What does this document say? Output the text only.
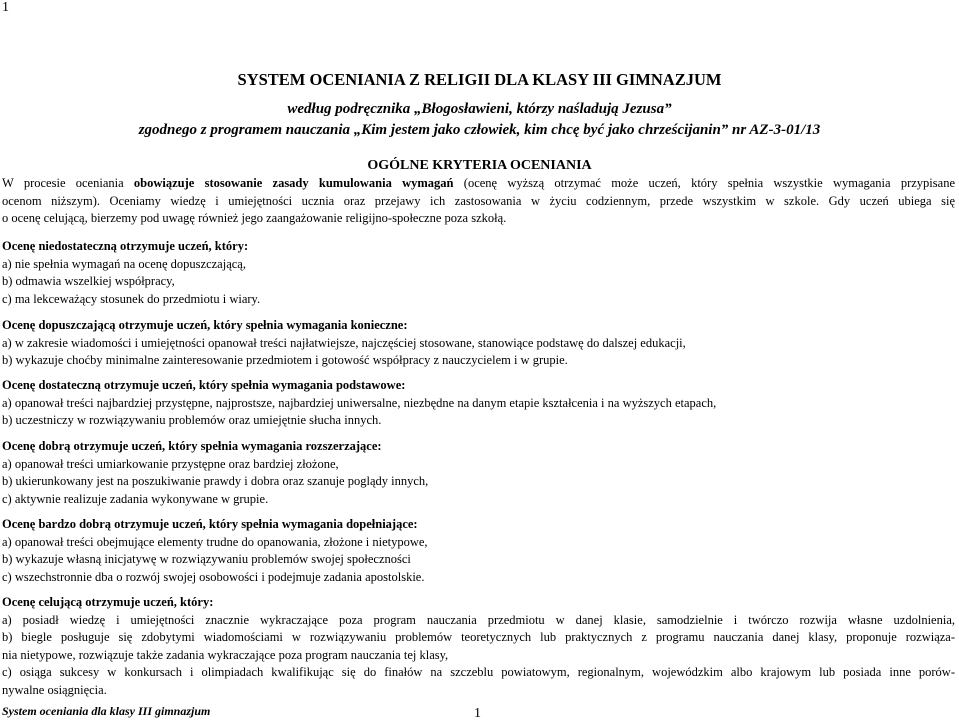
1
SYSTEM OCENIANIA Z RELIGII DLA KLASY III GIMNAZJUM
według podręcznika „Błogosławieni, którzy naśladują Jezusa”
zgodnego z programem nauczania „Kim jestem jako człowiek, kim chcę być jako chrześcijanin” nr AZ-3-01/13
OGÓLNE KRYTERIA OCENIANIA
W procesie oceniania obowiązuje stosowanie zasady kumulowania wymagań (ocenę wyższą otrzymać może uczeń, który spełnia wszystkie wymagania przypisane
ocenom niższym). Oceniamy wiedzę i umiejętności ucznia oraz przejawy ich zastosowania w życiu codziennym, przede wszystkim w szkole. Gdy uczeń ubiega się
o ocenę celującą, bierzemy pod uwagę również jego zaangażowanie religijno-społeczne poza szkołą.
Ocenę niedostateczną otrzymuje uczeń, który:
a) nie spełnia wymagań na ocenę dopuszczającą,
b) odmawia wszelkiej współpracy,
c) ma lekceważący stosunek do przedmiotu i wiary.
Ocenę dopuszczającą otrzymuje uczeń, który spełnia wymagania konieczne:
a) w zakresie wiadomości i umiejętności opanował treści najłatwiejsze, najczęściej stosowane, stanowiące podstawę do dalszej edukacji,
b) wykazuje choćby minimalne zainteresowanie przedmiotem i gotowość współpracy z nauczycielem i w grupie.
Ocenę dostateczną otrzymuje uczeń, który spełnia wymagania podstawowe:
a) opanował treści najbardziej przystępne, najprostsze, najbardziej uniwersalne, niezbędne na danym etapie kształcenia i na wyższych etapach,
b) uczestniczy w rozwiązywaniu problemów oraz umiejętnie słucha innych.
Ocenę dobrą otrzymuje uczeń, który spełnia wymagania rozszerzające:
a) opanował treści umiarkowanie przystępne oraz bardziej złożone,
b) ukierunkowany jest na poszukiwanie prawdy i dobra oraz szanuje poglądy innych,
c) aktywnie realizuje zadania wykonywane w grupie.
Ocenę bardzo dobrą otrzymuje uczeń, który spełnia wymagania dopełniające:
a) opanował treści obejmujące elementy trudne do opanowania, złożone i nietypowe,
b) wykazuje własną inicjatywę w rozwiązywaniu problemów swojej społeczności
c) wszechstronnie dba o rozwój swojej osobowości i podejmuje zadania apostolskie.
Ocenę celującą otrzymuje uczeń, który:
a) posiadł wiedzę i umiejętności znacznie wykraczające poza program nauczania przedmiotu w danej klasie, samodzielnie i twórczo rozwija własne uzdolnienia,
b) biegle posługuje się zdobytymi wiadomościami w rozwiązywaniu problemów teoretycznych lub praktycznych z programu nauczania danej klasy, proponuje rozwiąza-
nia nietypowe, rozwiązuje także zadania wykraczające poza program nauczania tej klasy,
c) osiąga sukcesy w konkursach i olimpiadach kwalifikując się do finałów na szczeblu powiatowym, regionalnym, wojewódzkim albo krajowym lub posiada inne porów-
nywalne osiągnięcia.
System oceniania dla klasy III gimnazjum	1
